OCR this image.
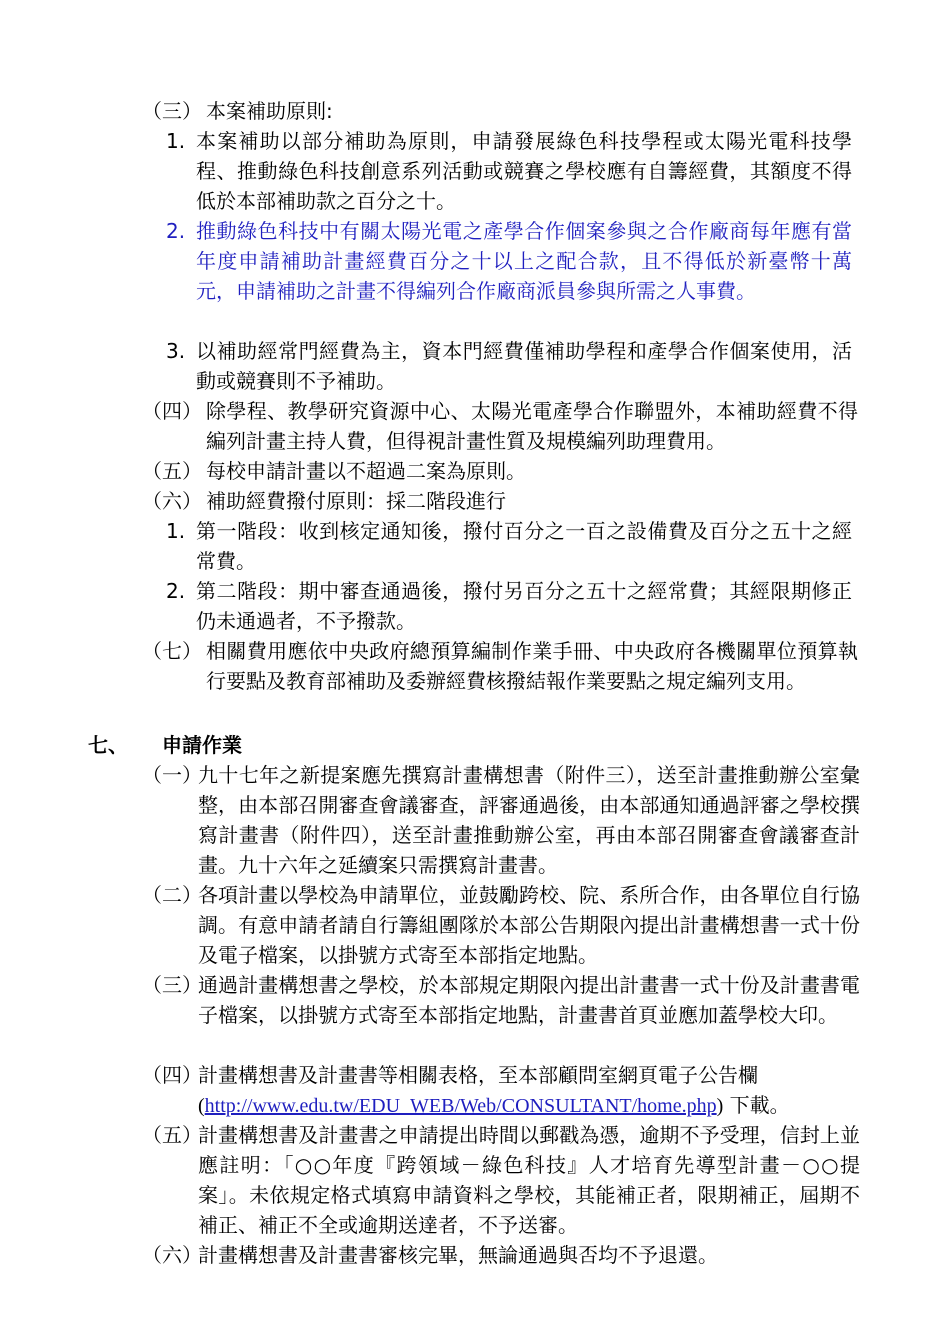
（三） 本案補助原則:
1. 本案補助以部分補助為原則，申請發展綠色科技學程或太陽光電科技學程、推動綠色科技創意系列活動或競賽之學校應有自籌經費，其額度不得低於本部補助款之百分之十。
2. 推動綠色科技中有關太陽光電之產學合作個案參與之合作廠商每年應有當年度申請補助計畫經費百分之十以上之配合款，且不得低於新臺幣十萬元，申請補助之計畫不得編列合作廠商派員參與所需之人事費。
3. 以補助經常門經費為主，資本門經費僅補助學程和產學合作個案使用，活動或競賽則不予補助。
（四） 除學程、教學研究資源中心、太陽光電產學合作聯盟外，本補助經費不得編列計畫主持人費，但得視計畫性質及規模編列助理費用。
（五） 每校申請計畫以不超過二案為原則。
（六） 補助經費撥付原則：採二階段進行
1. 第一階段：收到核定通知後，撥付百分之一百之設備費及百分之五十之經常費。
2. 第二階段：期中審查通過後，撥付另百分之五十之經常費；其經限期修正仍未通過者，不予撥款。
（七） 相關費用應依中央政府總預算編制作業手冊、中央政府各機關單位預算執行要點及教育部補助及委辦經費核撥結報作業要點之規定編列支用。
七、 申請作業
（一）
九十七年之新提案應先撰寫計畫構想書（附件三），送至計畫推動辦公室彙整，由本部召開審查會議審查，評審通過後，由本部通知通過評審之學校撰寫計畫書（附件四），送至計畫推動辦公室，再由本部召開審查會議審查計畫。九十六年之延續案只需撰寫計畫書。
（二）
各項計畫以學校為申請單位，並鼓勵跨校、院、系所合作，由各單位自行協調。有意申請者請自行籌組團隊於本部公告期限內提出計畫構想書一式十份及電子檔案，以掛號方式寄至本部指定地點。
（三）
通過計畫構想書之學校，於本部規定期限內提出計畫書一式十份及計畫書電子檔案，以掛號方式寄至本部指定地點，計畫書首頁並應加蓋學校大印。
（四）
計畫構想書及計畫書等相關表格，至本部顧問室網頁電子公告欄
(http://www.edu.tw/EDU_WEB/Web/CONSULTANT/home.php) 下載。
（五）
計畫構想書及計畫書之申請提出時間以郵戳為憑，逾期不予受理，信封上並應註明：「○○年度『跨領域－綠色科技』人才培育先導型計畫－○○提案」。未依規定格式填寫申請資料之學校，其能補正者，限期補正，屆期不補正、補正不全或逾期送達者，不予送審。
（六）
計畫構想書及計畫書審核完畢，無論通過與否均不予退還。
